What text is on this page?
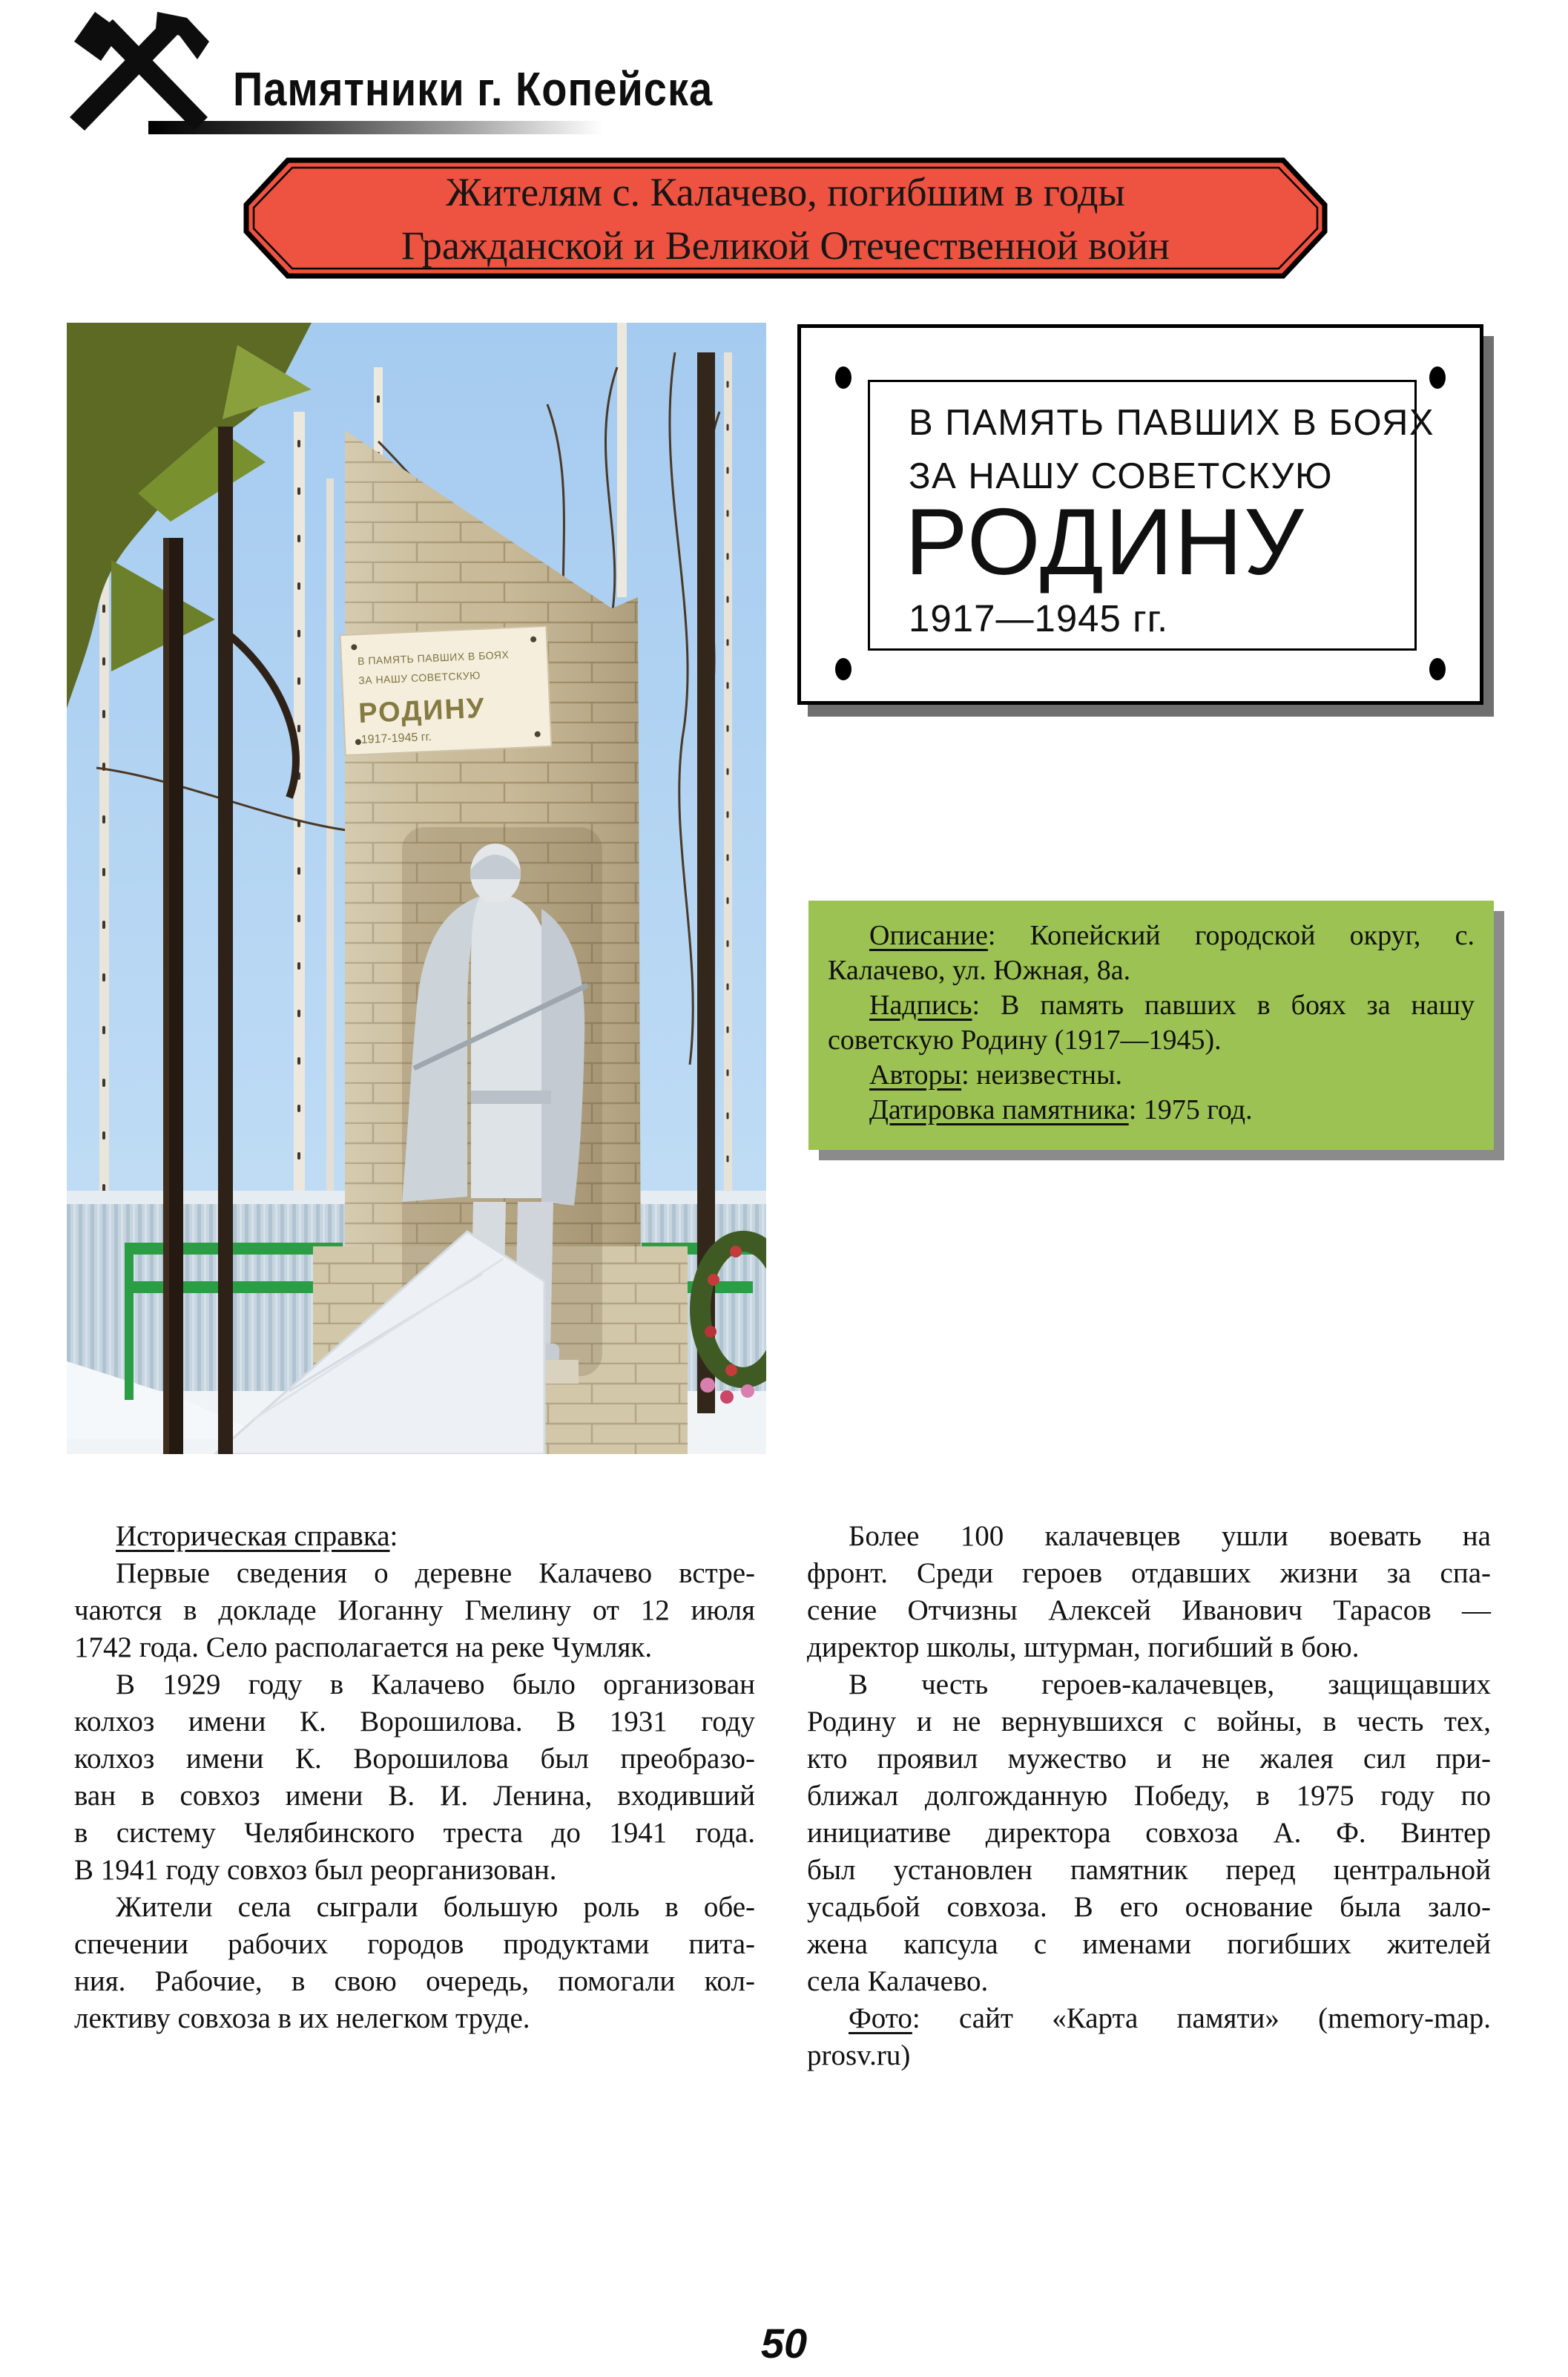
Памятники г. Копейска
Жителям с. Калачево, погибшим в годы
Гражданской и Великой Отечественной войн
В ПАМЯТЬ ПАВШИХ В БОЯХ
ЗА НАШУ СОВЕТСКУЮ
РОДИНУ
1917-1945 гг.
В ПАМЯТЬ ПАВШИХ В БОЯХ
ЗА НАШУ СОВЕТСКУЮ
РОДИНУ
1917—1945 гг.
Описание: Копейский городской округ, с.
Калачево, ул. Южная, 8а.
Надпись: В память павших в боях за нашу
советскую Родину (1917—1945).
Авторы: неизвестны.
Датировка памятника: 1975 год.
Историческая справка:
Первые сведения о деревне Калачево встре-
чаются в докладе Иоганну Гмелину от 12 июля
1742 года. Село располагается на реке Чумляк.
В 1929 году в Калачево было организован
колхоз имени К. Ворошилова. В 1931 году
колхоз имени К. Ворошилова был преобразо-
ван в совхоз имени В. И. Ленина, входивший
в систему Челябинского треста до 1941 года.
В 1941 году совхоз был реорганизован.
Жители села сыграли большую роль в обе-
спечении рабочих городов продуктами пита-
ния. Рабочие, в свою очередь, помогали кол-
лективу совхоза в их нелегком труде.
Более 100 калачевцев ушли воевать на
фронт. Среди героев отдавших жизни за спа-
сение Отчизны Алексей Иванович Тарасов —
директор школы, штурман, погибший в бою.
В честь героев-калачевцев, защищавших
Родину и не вернувшихся с войны, в честь тех,
кто проявил мужество и не жалея сил при-
ближал долгожданную Победу, в 1975 году по
инициативе директора совхоза А. Ф. Винтер
был установлен памятник перед центральной
усадьбой совхоза. В его основание была зало-
жена капсула с именами погибших жителей
села Калачево.
Фото: сайт «Карта памяти» (memory-map.
prosv.ru)
50
